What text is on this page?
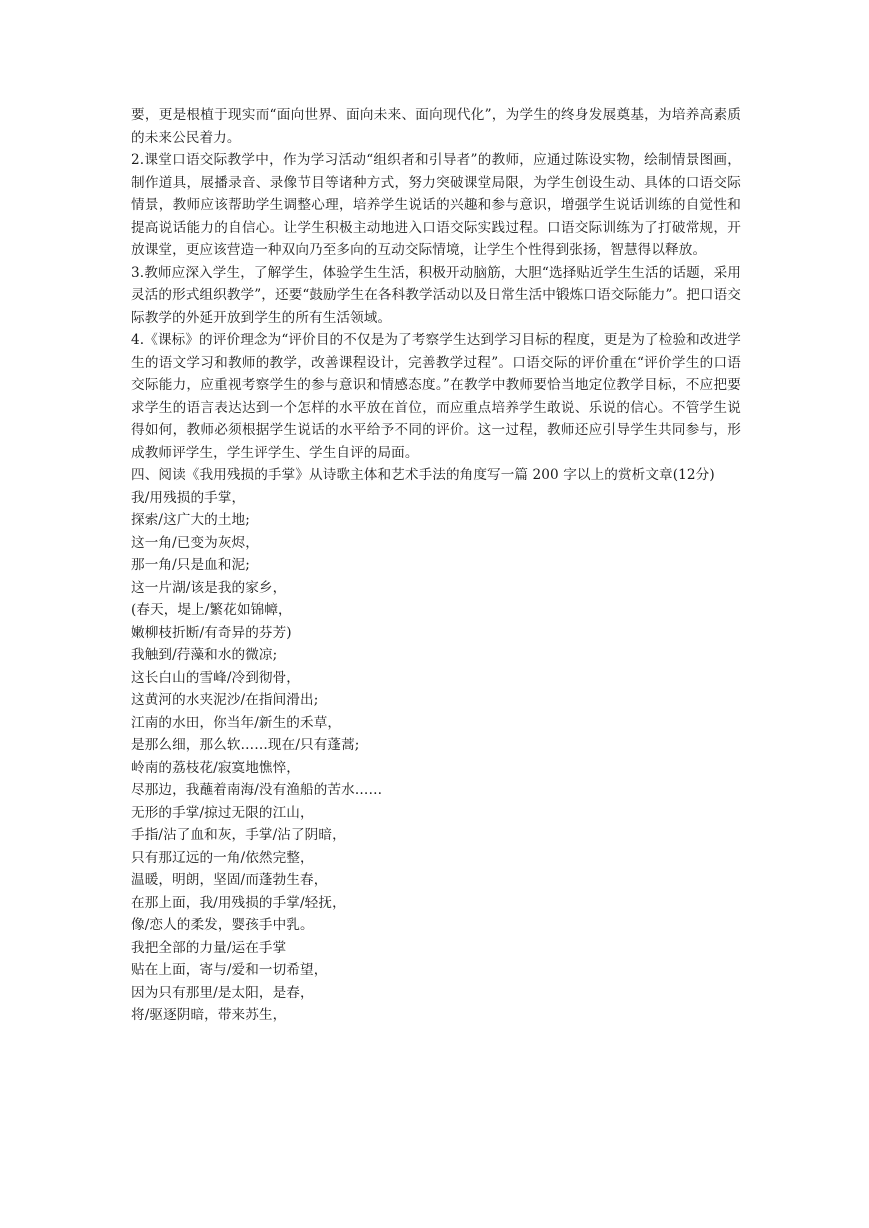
要，更是根植于现实而“面向世界、面向未来、面向现代化”，为学生的终身发展奠基，为培养高素质的未来公民着力。

2.课堂口语交际教学中，作为学习活动“组织者和引导者”的教师，应通过陈设实物，绘制情景图画，制作道具，展播录音、录像节目等诸种方式，努力突破课堂局限，为学生创设生动、具体的口语交际情景，教师应该帮助学生调整心理，培养学生说话的兴趣和参与意识，增强学生说话训练的自觉性和提高说话能力的自信心。让学生积极主动地进入口语交际实践过程。口语交际训练为了打破常规，开放课堂，更应该营造一种双向乃至多向的互动交际情境，让学生个性得到张扬，智慧得以释放。

3.教师应深入学生，了解学生，体验学生生活，积极开动脑筋，大胆“选择贴近学生生活的话题，采用灵活的形式组织教学”，还要“鼓励学生在各科教学活动以及日常生活中锻炼口语交际能力”。把口语交际教学的外延开放到学生的所有生活领域。

4.《课标》的评价理念为“评价目的不仅是为了考察学生达到学习目标的程度，更是为了检验和改进学生的语文学习和教师的教学，改善课程设计，完善教学过程”。口语交际的评价重在“评价学生的口语交际能力，应重视考察学生的参与意识和情感态度。”在教学中教师要恰当地定位教学目标，不应把要求学生的语言表达达到一个怎样的水平放在首位，而应重点培养学生敢说、乐说的信心。不管学生说得如何，教师必须根据学生说话的水平给予不同的评价。这一过程，教师还应引导学生共同参与，形成教师评学生，学生评学生、学生自评的局面。

四、阅读《我用残损的手掌》从诗歌主体和艺术手法的角度写一篇 200 字以上的赏析文章(12分)

我/用残损的手掌，

探索/这广大的土地;

这一角/已变为灰烬，

那一角/只是血和泥;

这一片湖/该是我的家乡，

(春天，堤上/繁花如锦幛，

嫩柳枝折断/有奇异的芬芳)

我触到/荇藻和水的微凉;

这长白山的雪峰/冷到彻骨，

这黄河的水夹泥沙/在指间滑出;

江南的水田，你当年/新生的禾草，

是那么细，那么软……现在/只有蓬蒿;

岭南的荔枝花/寂寞地憔悴，

尽那边，我蘸着南海/没有渔船的苦水……

无形的手掌/掠过无限的江山，

手指/沾了血和灰，手掌/沾了阴暗，

只有那辽远的一角/依然完整，

温暖，明朗，坚固/而蓬勃生春，

在那上面，我/用残损的手掌/轻抚，

像/恋人的柔发，婴孩手中乳。

我把全部的力量/运在手掌

贴在上面，寄与/爱和一切希望，

因为只有那里/是太阳，是春，

将/驱逐阴暗，带来苏生，
